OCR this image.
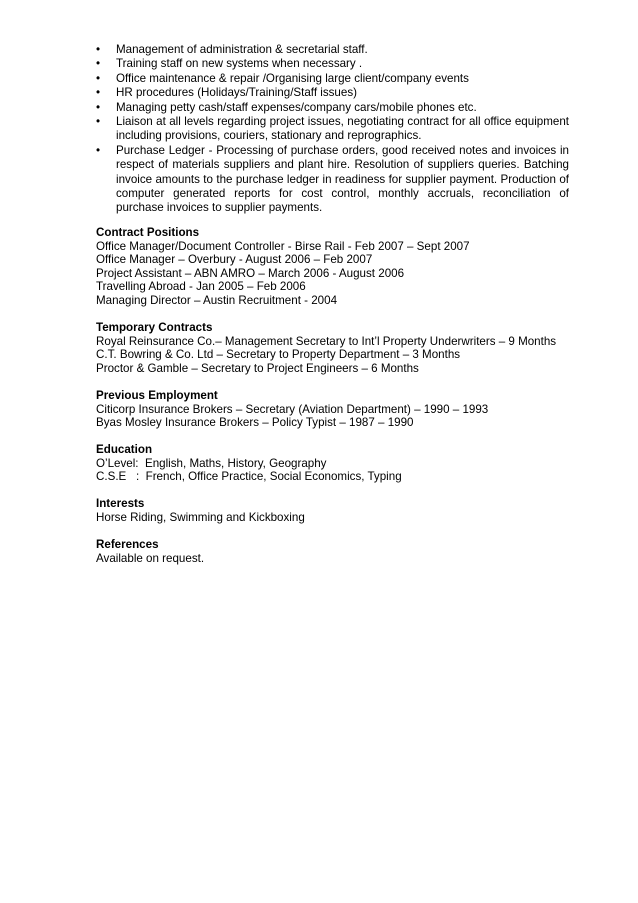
•	Management of administration & secretarial staff.
•	Training staff on new systems when necessary .
•	Office maintenance & repair /Organising large client/company events
•	HR procedures (Holidays/Training/Staff issues)
•	Managing petty cash/staff expenses/company cars/mobile phones etc.
•	Liaison at all levels regarding project issues, negotiating contract for all office equipment including provisions, couriers, stationary and reprographics.
•	Purchase Ledger - Processing of purchase orders, good received notes and invoices in respect of materials suppliers and plant hire. Resolution of suppliers queries. Batching invoice amounts to the purchase ledger in readiness for supplier payment. Production of computer generated reports for cost control, monthly accruals, reconciliation of purchase invoices to supplier payments.
Contract Positions
Office Manager/Document Controller - Birse Rail - Feb 2007 – Sept 2007
Office Manager – Overbury - August 2006 – Feb 2007
Project Assistant – ABN AMRO – March 2006 - August 2006
Travelling Abroad - Jan 2005 – Feb 2006
Managing Director – Austin Recruitment - 2004
Temporary Contracts
Royal Reinsurance Co.– Management Secretary to Int’l Property Underwriters – 9 Months
C.T. Bowring & Co. Ltd – Secretary to Property Department – 3 Months
Proctor & Gamble – Secretary to Project Engineers – 6 Months
Previous Employment
Citicorp Insurance Brokers – Secretary (Aviation Department) – 1990 – 1993
Byas Mosley Insurance Brokers – Policy Typist – 1987 – 1990
Education
O’Level:  English, Maths, History, Geography
C.S.E   :  French, Office Practice, Social Economics, Typing
Interests
Horse Riding, Swimming and Kickboxing
References
Available on request.
